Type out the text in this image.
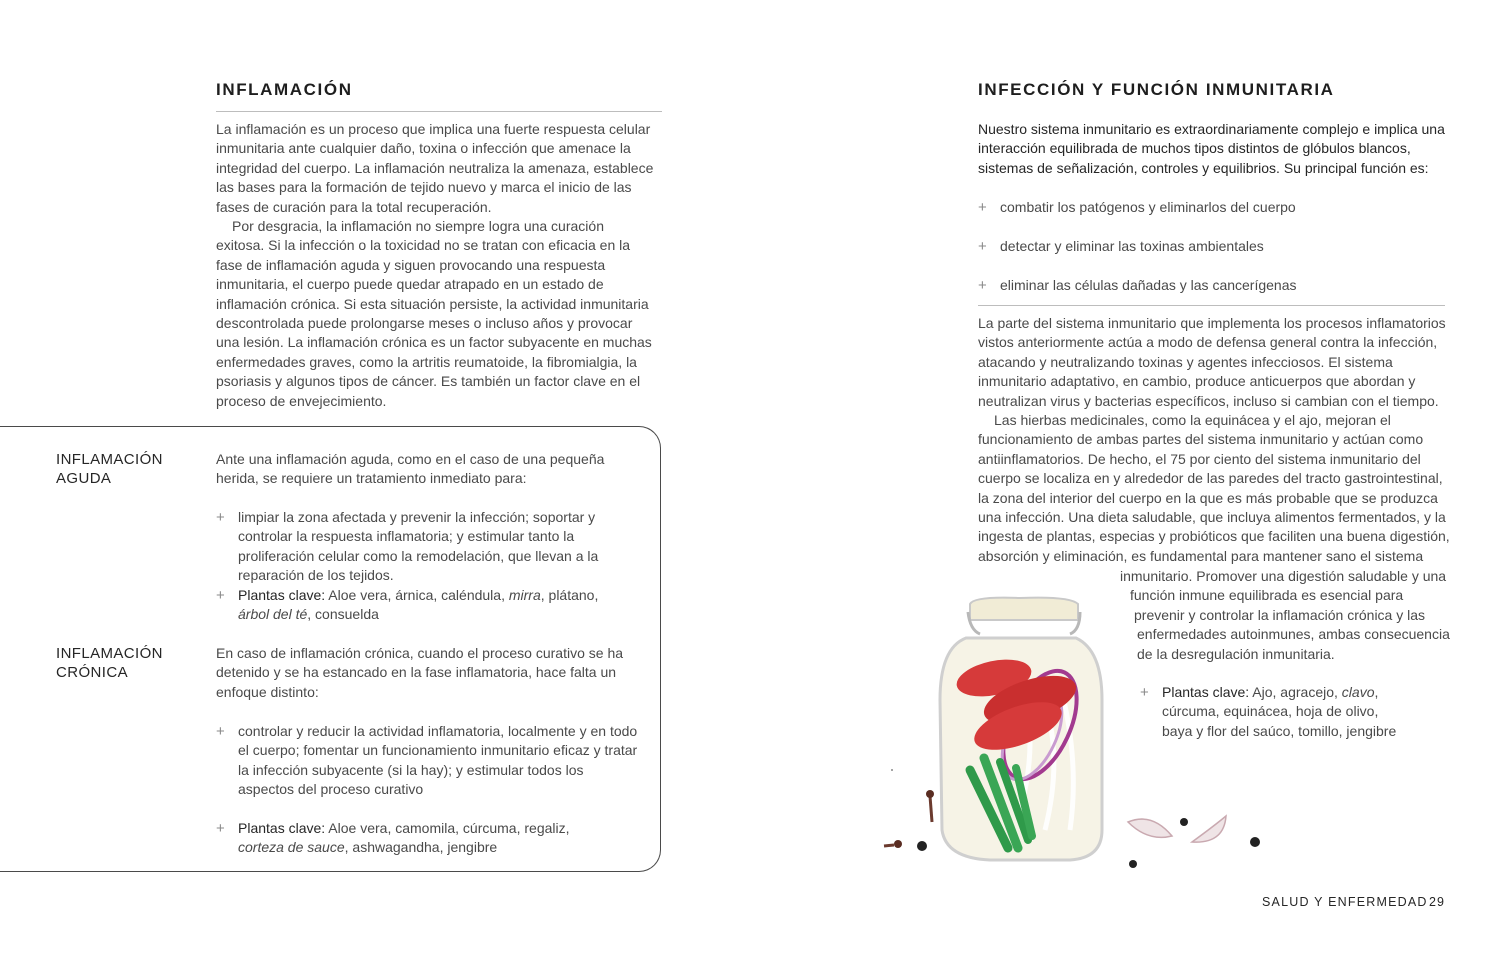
INFLAMACIÓN

La inflamación es un proceso que implica una fuerte respuesta celular inmunitaria ante cualquier daño, toxina o infección que amenace la integridad del cuerpo. La inflamación neutraliza la amenaza, establece las bases para la formación de tejido nuevo y marca el inicio de las fases de curación para la total recuperación.

Por desgracia, la inflamación no siempre logra una curación exitosa. Si la infección o la toxicidad no se tratan con eficacia en la fase de inflamación aguda y siguen provocando una respuesta inmunitaria, el cuerpo puede quedar atrapado en un estado de inflamación crónica. Si esta situación persiste, la actividad inmunitaria descontrolada puede prolongarse meses o incluso años y provocar una lesión. La inflamación crónica es un factor subyacente en muchas enfermedades graves, como la artritis reumatoide, la fibromialgia, la psoriasis y algunos tipos de cáncer. Es también un factor clave en el proceso de envejecimiento.

INFLAMACIÓN
AGUDA
Ante una inflamación aguda, como en el caso de una pequeña herida, se requiere un tratamiento inmediato para:
+ limpiar la zona afectada y prevenir la infección; soportar y controlar la respuesta inflamatoria; y estimular tanto la proliferación celular como la remodelación, que llevan a la reparación de los tejidos.
+ Plantas clave: Aloe vera, árnica, caléndula, mirra, plátano,
árbol del té, consuelda
INFLAMACIÓN
CRÓNICA
En caso de inflamación crónica, cuando el proceso curativo se ha detenido y se ha estancado en la fase inflamatoria, hace falta un enfoque distinto:
+ controlar y reducir la actividad inflamatoria, localmente y en todo el cuerpo; fomentar un funcionamiento inmunitario eficaz y tratar la infección subyacente (si la hay); y estimular todos los aspectos del proceso curativo
+ Plantas clave: Aloe vera, camomila, cúrcuma, regaliz,
corteza de sauce, ashwagandha, jengibre
INFECCIÓN Y FUNCIÓN INMUNITARIA
Nuestro sistema inmunitario es extraordinariamente complejo e implica una interacción equilibrada de muchos tipos distintos de glóbulos blancos, sistemas de señalización, controles y equilibrios. Su principal función es:
+ combatir los patógenos y eliminarlos del cuerpo
+ detectar y eliminar las toxinas ambientales
+ eliminar las células dañadas y las cancerígenas
La parte del sistema inmunitario que implementa los procesos inflamatorios vistos anteriormente actúa a modo de defensa general contra la infección, atacando y neutralizando toxinas y agentes infecciosos. El sistema inmunitario adaptativo, en cambio, produce anticuerpos que abordan y neutralizan virus y bacterias específicos, incluso si cambian con el tiempo.
Las hierbas medicinales, como la equinácea y el ajo, mejoran el
funcionamiento de ambas partes del sistema inmunitario y actúan como
antiinflamatorios. De hecho, el 75 por ciento del sistema inmunitario del
cuerpo se localiza en y alrededor de las paredes del tracto gastrointestinal,
la zona del interior del cuerpo en la que es más probable que se produzca
una infección. Una dieta saludable, que incluya alimentos fermentados, y la
ingesta de plantas, especias y probióticos que faciliten una buena digestión,
absorción y eliminación, es fundamental para mantener sano el sistema
inmunitario. Promover una digestión saludable y una
función inmune equilibrada es esencial para
prevenir y controlar la inflamación crónica y las
enfermedades autoinmunes, ambas consecuencia
de la desregulación inmunitaria.
+ Plantas clave: Ajo, agracejo, clavo,
cúrcuma, equinácea, hoja de olivo,
baya y flor del saúco, tomillo, jengibre
SALUD Y ENFERMEDAD 29
